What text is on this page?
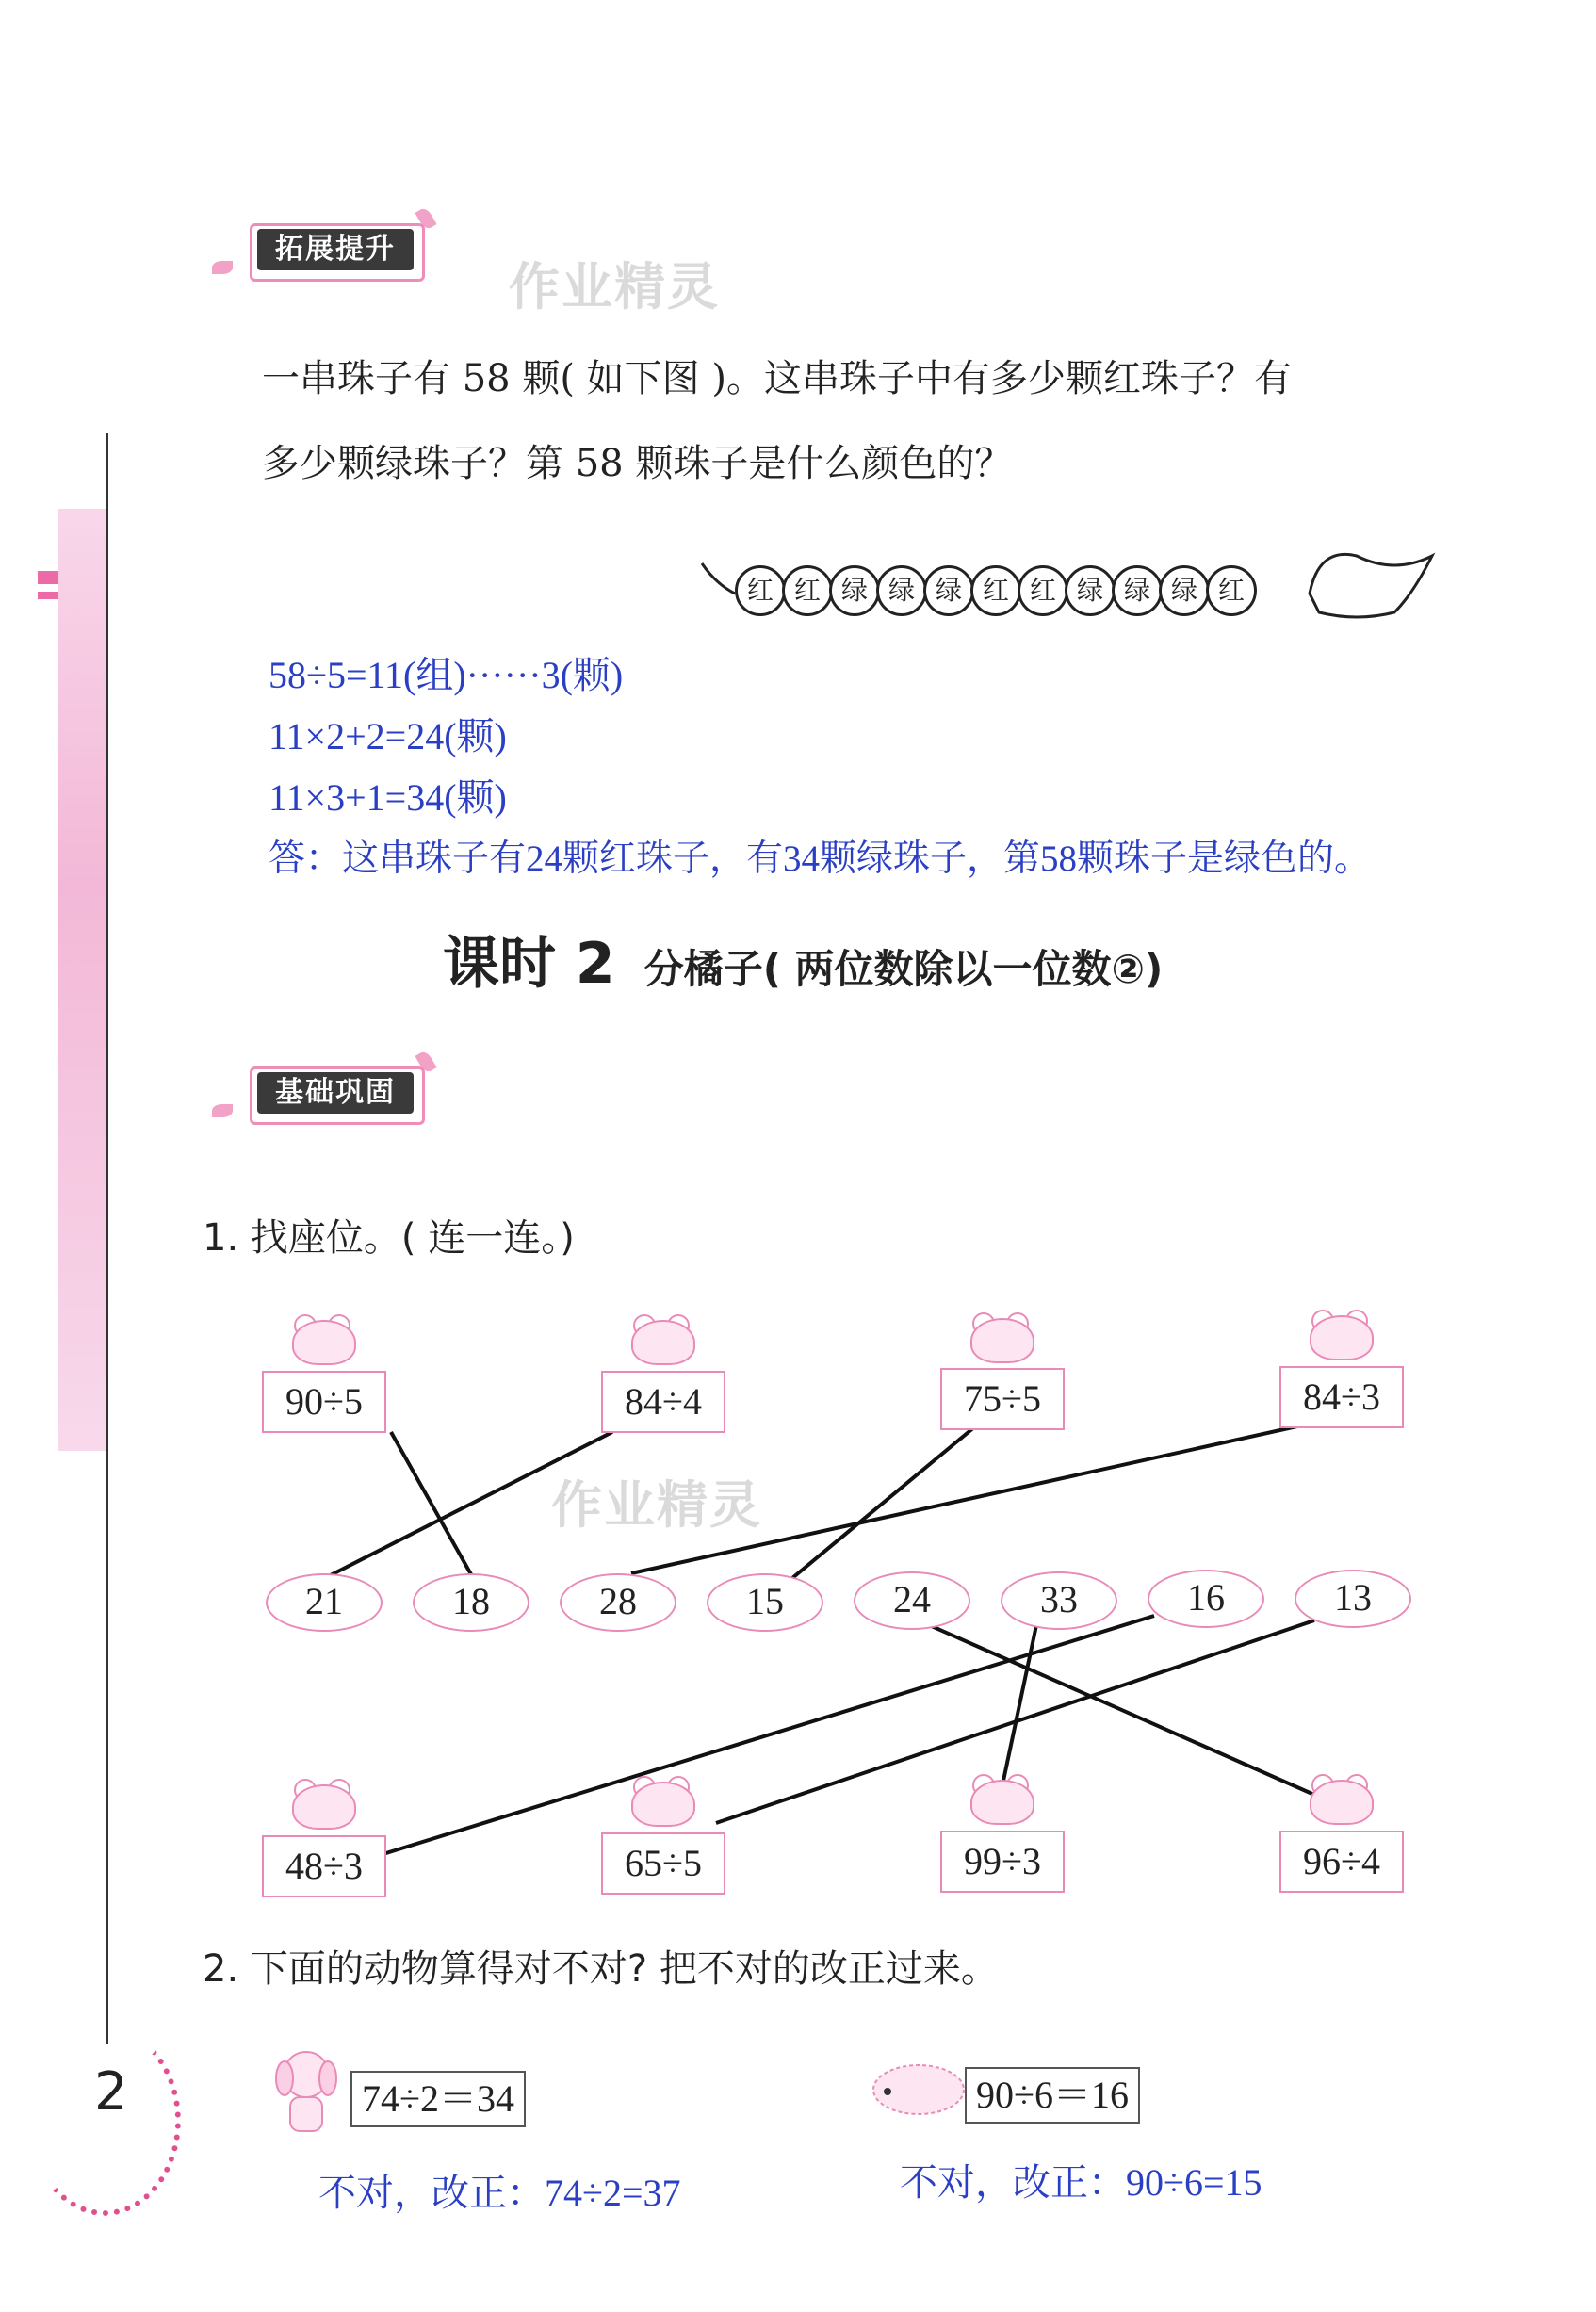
拓展提升
作业精灵
一串珠子有 58 颗( 如下图 )。这串珠子中有多少颗红珠子？有
多少颗绿珠子？第 58 颗珠子是什么颜色的？
红 红 绿 绿 绿 红 红 绿 绿 绿 红
58÷5=11(组)······3(颗)
11×2+2=24(颗)
11×3+1=34(颗)
答：这串珠子有24颗红珠子，有34颗绿珠子，第58颗珠子是绿色的。
课时 2 分橘子( 两位数除以一位数②)
基础巩固
1. 找座位。( 连一连。)
90÷5	84÷4	75÷5	84÷3
作业精灵
21	18	28	15	24	33	16	13
48÷3	65÷5	99÷3	96÷4
2. 下面的动物算得对不对? 把不对的改正过来。
74÷2＝34	90÷6＝16
不对，改正：74÷2=37	不对，改正：90÷6=15
2
